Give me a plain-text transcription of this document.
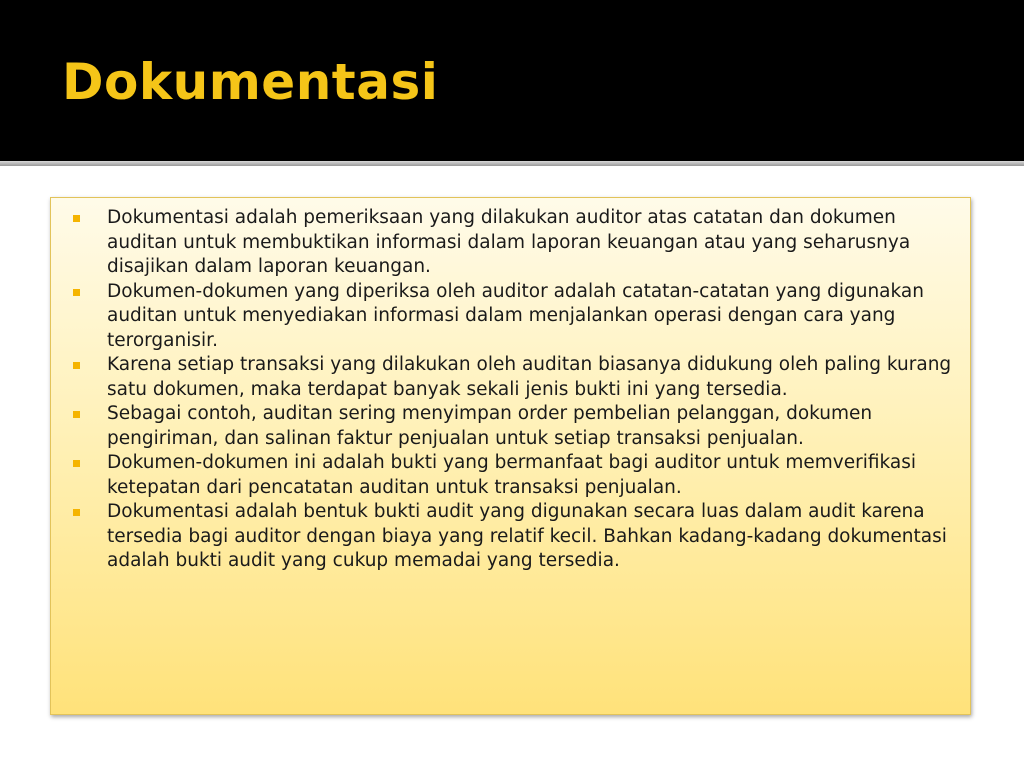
Dokumentasi
Dokumentasi adalah pemeriksaan yang dilakukan auditor atas catatan dan dokumen auditan untuk membuktikan informasi dalam laporan keuangan atau yang seharusnya disajikan dalam laporan keuangan.
Dokumen-dokumen yang diperiksa oleh auditor adalah catatan-catatan yang digunakan auditan untuk menyediakan informasi dalam menjalankan operasi dengan cara yang terorganisir.
Karena setiap transaksi yang dilakukan oleh auditan biasanya didukung oleh paling kurang satu dokumen, maka terdapat banyak sekali jenis bukti ini yang tersedia.
Sebagai contoh, auditan sering menyimpan order pembelian pelanggan, dokumen pengiriman, dan salinan faktur penjualan untuk setiap transaksi penjualan.
Dokumen-dokumen ini adalah bukti yang bermanfaat bagi auditor untuk memverifikasi ketepatan dari pencatatan auditan untuk transaksi penjualan.
Dokumentasi adalah bentuk bukti audit yang digunakan secara luas dalam audit karena tersedia bagi auditor dengan biaya yang relatif kecil. Bahkan kadang-kadang dokumentasi adalah bukti audit yang cukup memadai yang tersedia.
